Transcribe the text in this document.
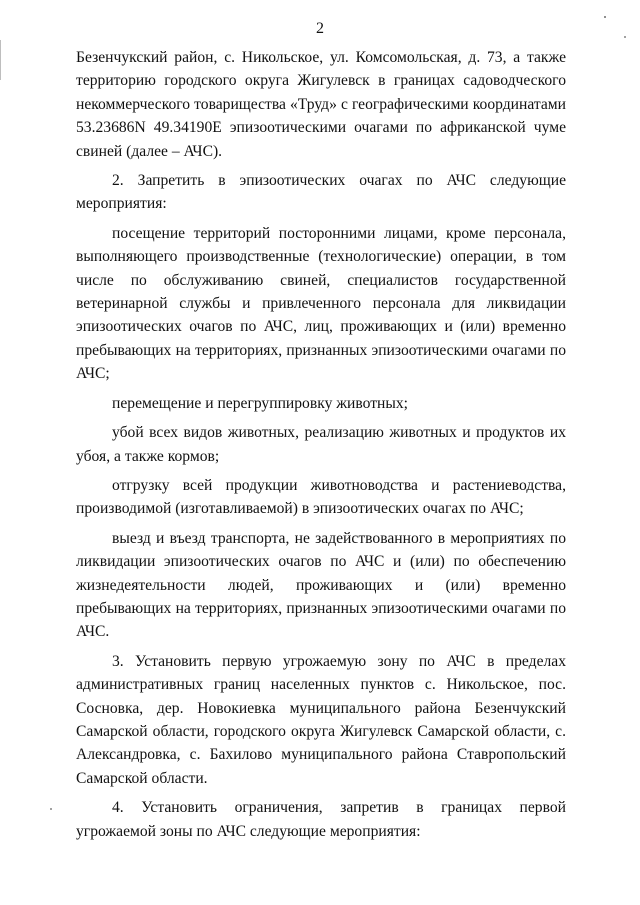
2

Безенчукский район, с. Никольское, ул. Комсомольская, д. 73, а также территорию городского округа Жигулевск в границах садоводческого некоммерческого товарищества «Труд» с географическими координатами 53.23686N 49.34190E эпизоотическими очагами по африканской чуме свиней (далее – АЧС).

2. Запретить в эпизоотических очагах по АЧС следующие мероприятия:

посещение территорий посторонними лицами, кроме персонала, выполняющего производственные (технологические) операции, в том числе по обслуживанию свиней, специалистов государственной ветеринарной службы и привлеченного персонала для ликвидации эпизоотических очагов по АЧС, лиц, проживающих и (или) временно пребывающих на территориях, признанных эпизоотическими очагами по АЧС;

перемещение и перегруппировку животных;

убой всех видов животных, реализацию животных и продуктов их убоя, а также кормов;

отгрузку всей продукции животноводства и растениеводства, производимой (изготавливаемой) в эпизоотических очагах по АЧС;

выезд и въезд транспорта, не задействованного в мероприятиях по ликвидации эпизоотических очагов по АЧС и (или) по обеспечению жизнедеятельности людей, проживающих и (или) временно пребывающих на территориях, признанных эпизоотическими очагами по АЧС.

3. Установить первую угрожаемую зону по АЧС в пределах административных границ населенных пунктов с. Никольское, пос. Сосновка, дер. Новокиевка муниципального района Безенчукский Самарской области, городского округа Жигулевск Самарской области, с. Александровка, с. Бахилово муниципального района Ставропольский Самарской области.

4. Установить ограничения, запретив в границах первой угрожаемой зоны по АЧС следующие мероприятия:
